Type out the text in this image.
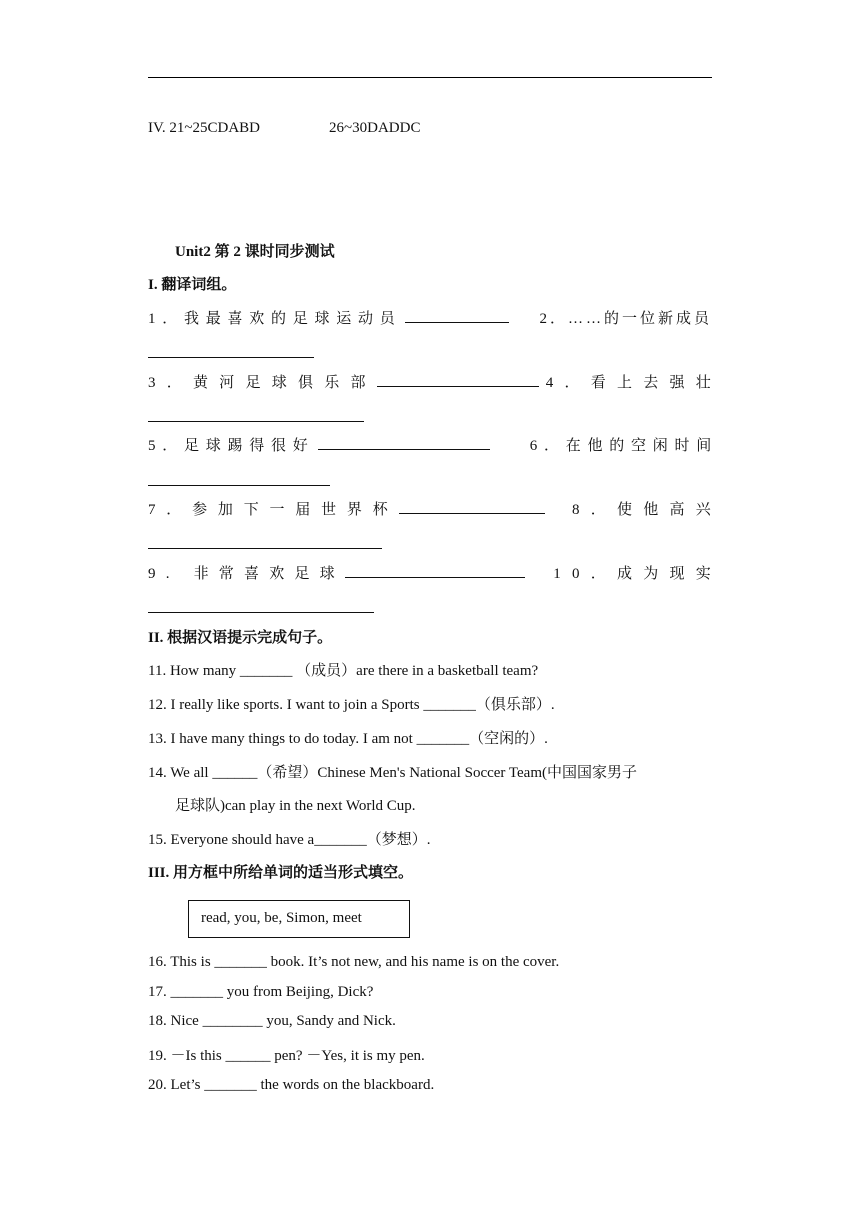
IV. 21~25CDABD	26~30DADDC
Unit2 第 2 课时同步测试
I. 翻译词组。
1．我最喜欢的足球运动员	2．……的一位新成员
3．黄河足球俱乐部	4．看上去强壮
5．足球踢得很好	6．在他的空闲时间
7．参加下一届世界杯	8．使他高兴
9. 非常喜欢足球	10．成为现实
II. 根据汉语提示完成句子。
11. How many _______ （成员）are there in a basketball team?
12. I really like sports. I want to join a Sports _______（俱乐部）.
13. I have many things to do today. I am not _______（空闲的）.
14. We all ______（希望）Chinese Men's National Soccer Team(中国国家男子
足球队)can play in the next World Cup.
15. Everyone should have a_______（梦想）.
III. 用方框中所给单词的适当形式填空。
read, you, be, Simon, meet
16. This is _______ book. It’s not new, and his name is on the cover.
17. _______ you from Beijing, Dick?
18. Nice ________ you, Sandy and Nick.
19. －Is this ______ pen? －Yes, it is my pen.
20. Let’s _______ the words on the blackboard.
